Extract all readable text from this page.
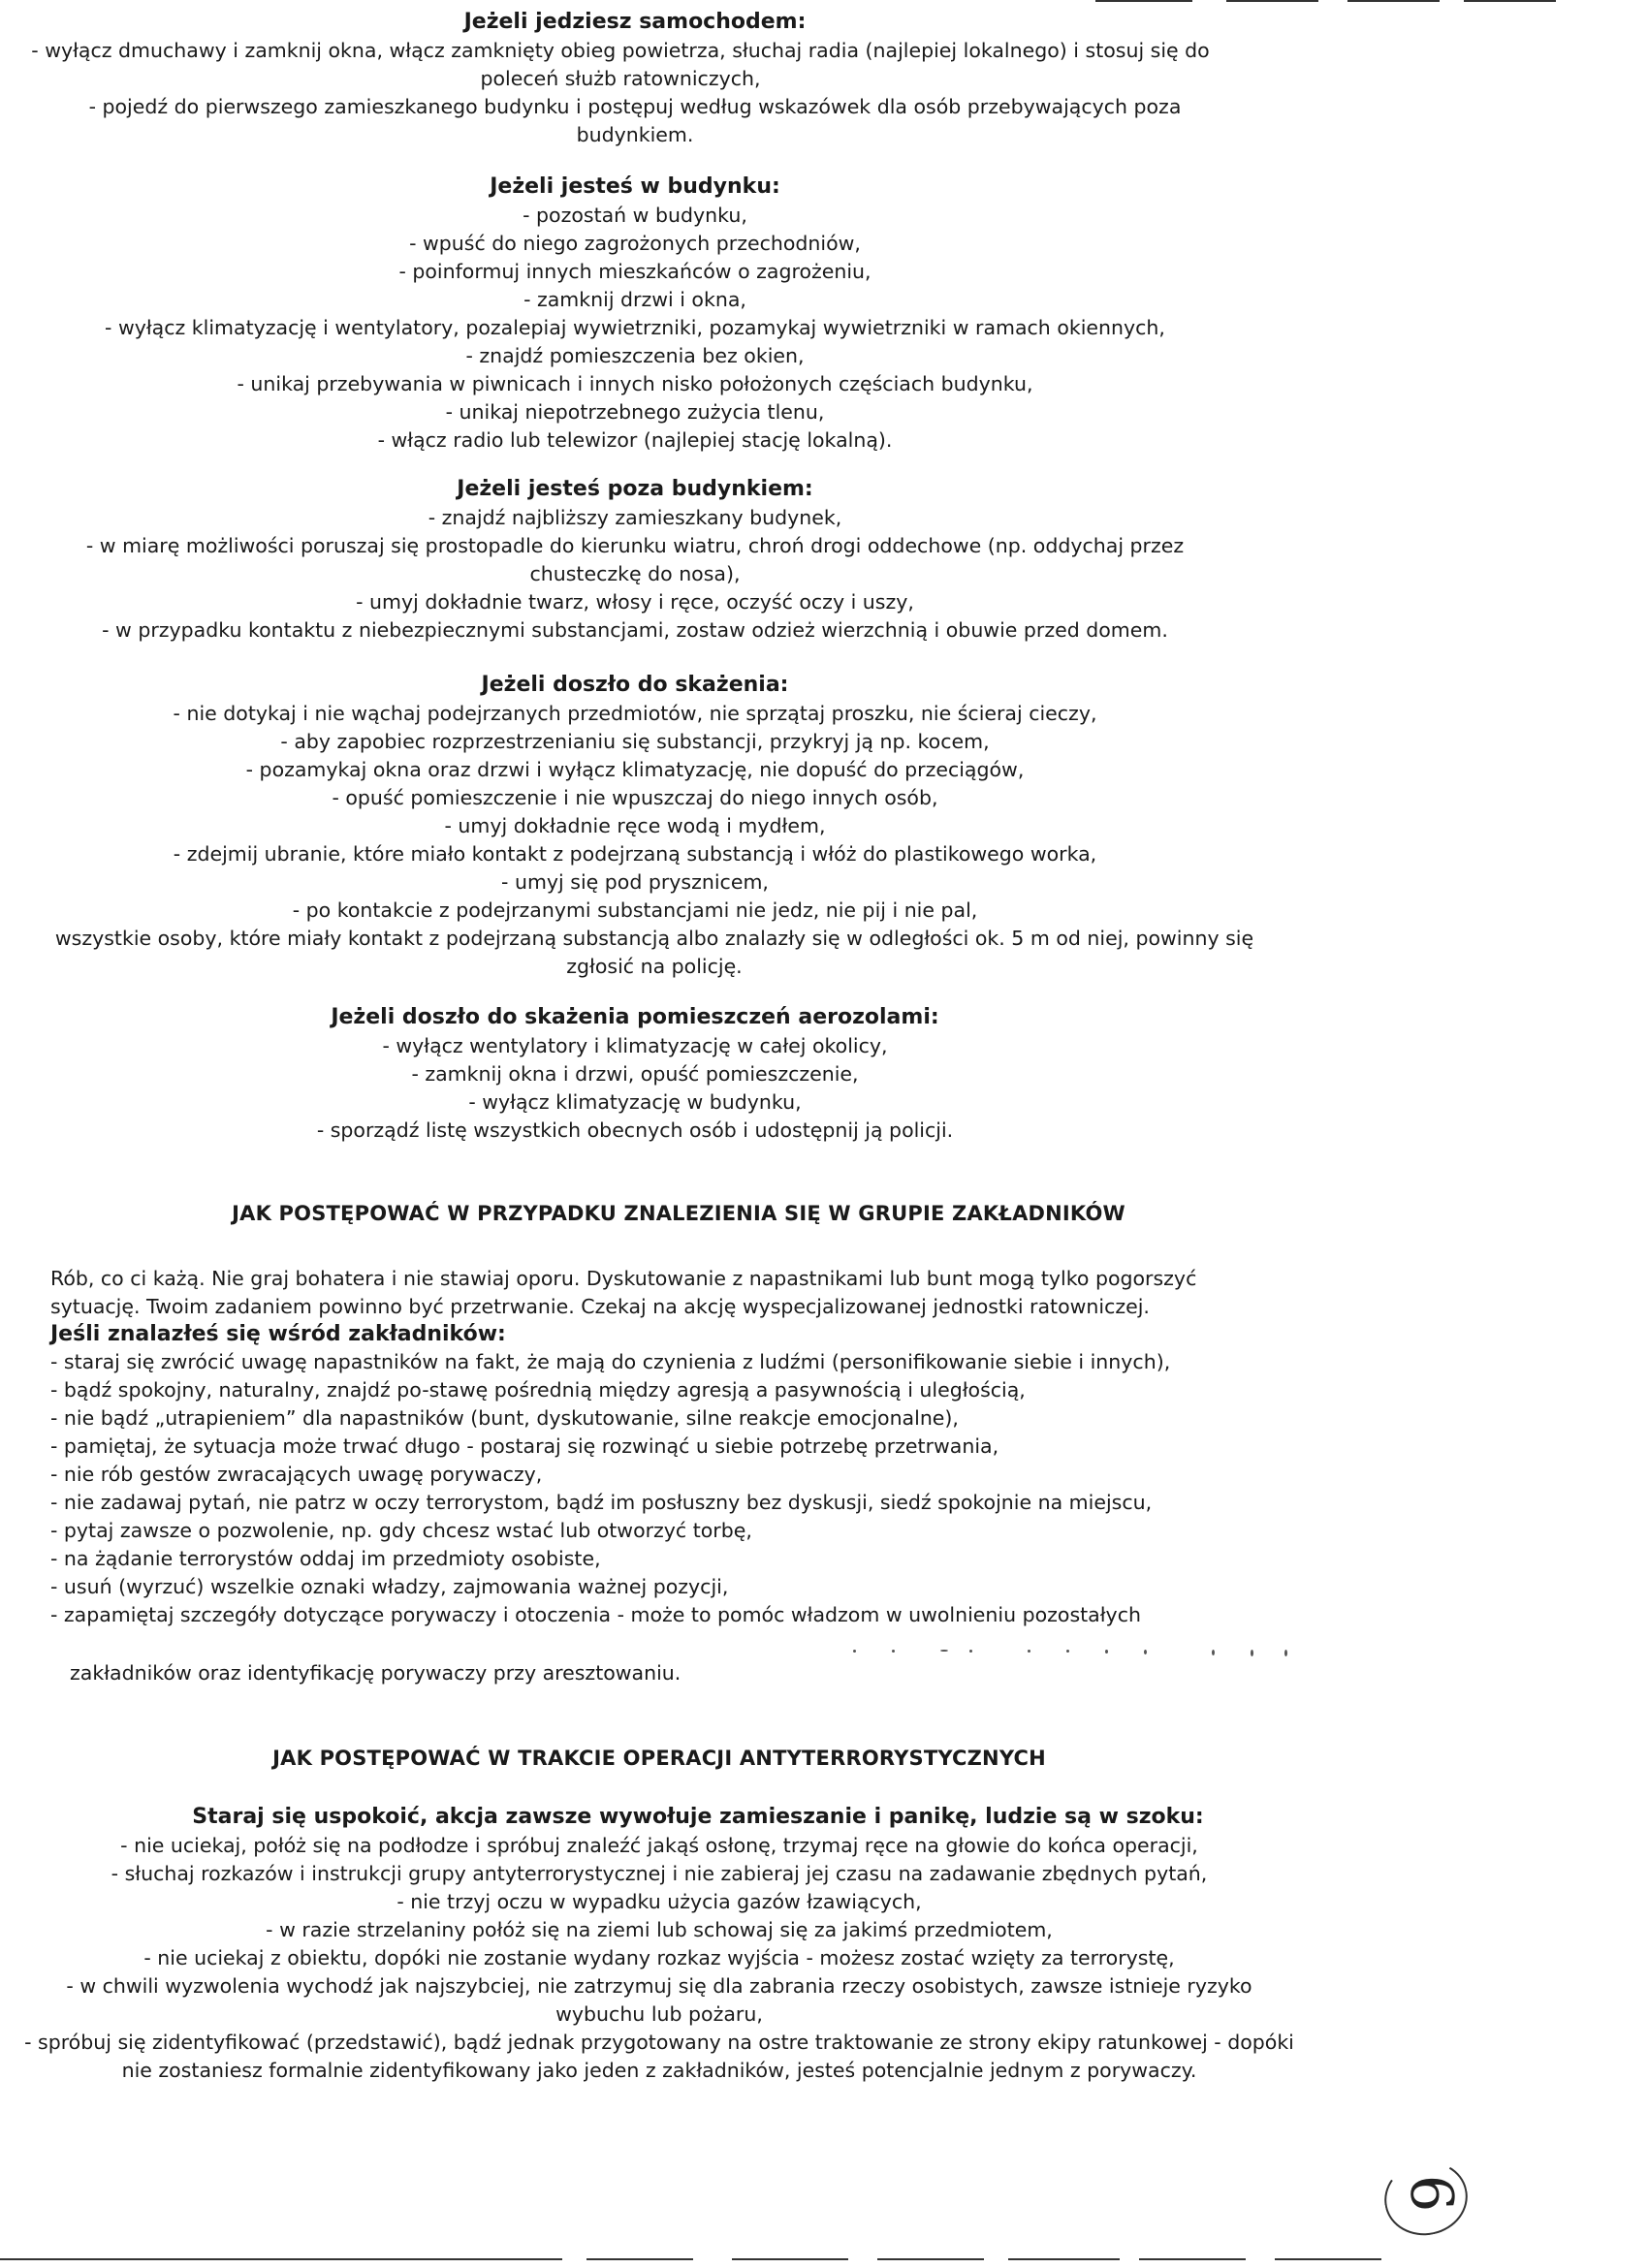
Jeżeli jedziesz samochodem:
- wyłącz dmuchawy i zamknij okna, włącz zamknięty obieg powietrza, słuchaj radia (najlepiej lokalnego) i stosuj się do poleceń służb ratowniczych,
- pojedź do pierwszego zamieszkanego budynku i postępuj według wskazówek dla osób przebywających poza budynkiem.
Jeżeli jesteś w budynku:
- pozostań w budynku,
- wpuść do niego zagrożonych przechodniów,
- poinformuj innych mieszkańców o zagrożeniu,
- zamknij drzwi i okna,
- wyłącz klimatyzację i wentylatory, pozalepiaj wywietrzniki, pozamykaj wywietrzniki w ramach okiennych,
- znajdź pomieszczenia bez okien,
- unikaj przebywania w piwnicach i innych nisko położonych częściach budynku,
- unikaj niepotrzebnego zużycia tlenu,
- włącz radio lub telewizor (najlepiej stację lokalną).
Jeżeli jesteś poza budynkiem:
- znajdź najbliższy zamieszkany budynek,
- w miarę możliwości poruszaj się prostopadle do kierunku wiatru, chroń drogi oddechowe (np. oddychaj przez chusteczkę do nosa),
- umyj dokładnie twarz, włosy i ręce, oczyść oczy i uszy,
- w przypadku kontaktu z niebezpiecznymi substancjami, zostaw odzież wierzchnią i obuwie przed domem.
Jeżeli doszło do skażenia:
- nie dotykaj i nie wąchaj podejrzanych przedmiotów, nie sprzątaj proszku, nie ścieraj cieczy,
- aby zapobiec rozprzestrzenianiu się substancji, przykryj ją np. kocem,
- pozamykaj okna oraz drzwi i wyłącz klimatyzację, nie dopuść do przeciągów,
- opuść pomieszczenie i nie wpuszczaj do niego innych osób,
- umyj dokładnie ręce wodą i mydłem,
- zdejmij ubranie, które miało kontakt z podejrzaną substancją i włóż do plastikowego worka,
- umyj się pod prysznicem,
- po kontakcie z podejrzanymi substancjami nie jedz, nie pij i nie pal,
wszystkie osoby, które miały kontakt z podejrzaną substancją albo znalazły się w odległości ok. 5 m od niej, powinny się zgłosić na policję.
Jeżeli doszło do skażenia pomieszczeń aerozolami:
- wyłącz wentylatory i klimatyzację w całej okolicy,
- zamknij okna i drzwi, opuść pomieszczenie,
- wyłącz klimatyzację w budynku,
- sporządź listę wszystkich obecnych osób i udostępnij ją policji.
JAK POSTĘPOWAĆ W PRZYPADKU ZNALEZIENIA SIĘ W GRUPIE ZAKŁADNIKÓW
Rób, co ci każą. Nie graj bohatera i nie stawiaj oporu. Dyskutowanie z napastnikami lub bunt mogą tylko pogorszyć
sytuację. Twoim zadaniem powinno być przetrwanie. Czekaj na akcję wyspecjalizowanej jednostki ratowniczej.
Jeśli znalazłeś się wśród zakładników:
- staraj się zwrócić uwagę napastników na fakt, że mają do czynienia z ludźmi (personifikowanie siebie i innych),
- bądź spokojny, naturalny, znajdź po-stawę pośrednią między agresją a pasywnością i uległością,
- nie bądź „utrapieniem” dla napastników (bunt, dyskutowanie, silne reakcje emocjonalne),
- pamiętaj, że sytuacja może trwać długo - postaraj się rozwinąć u siebie potrzebę przetrwania,
- nie rób gestów zwracających uwagę porywaczy,
- nie zadawaj pytań, nie patrz w oczy terrorystom, bądź im posłuszny bez dyskusji, siedź spokojnie na miejscu,
- pytaj zawsze o pozwolenie, np. gdy chcesz wstać lub otworzyć torbę,
- na żądanie terrorystów oddaj im przedmioty osobiste,
- usuń (wyrzuć) wszelkie oznaki władzy, zajmowania ważnej pozycji,
- zapamiętaj szczegóły dotyczące porywaczy i otoczenia - może to pomóc władzom w uwolnieniu pozostałych
zakładników oraz identyfikację porywaczy przy aresztowaniu.
JAK POSTĘPOWAĆ W TRAKCIE OPERACJI ANTYTERRORYSTYCZNYCH
Staraj się uspokoić, akcja zawsze wywołuje zamieszanie i panikę, ludzie są w szoku:
- nie uciekaj, połóż się na podłodze i spróbuj znaleźć jakąś osłonę, trzymaj ręce na głowie do końca operacji,
- słuchaj rozkazów i instrukcji grupy antyterrorystycznej i nie zabieraj jej czasu na zadawanie zbędnych pytań,
- nie trzyj oczu w wypadku użycia gazów łzawiących,
- w razie strzelaniny połóż się na ziemi lub schowaj się za jakimś przedmiotem,
- nie uciekaj z obiektu, dopóki nie zostanie wydany rozkaz wyjścia - możesz zostać wzięty za terrorystę,
- w chwili wyzwolenia wychodź jak najszybciej, nie zatrzymuj się dla zabrania rzeczy osobistych, zawsze istnieje ryzyko wybuchu lub pożaru,
- spróbuj się zidentyfikować (przedstawić), bądź jednak przygotowany na ostre traktowanie ze strony ekipy ratunkowej - dopóki nie zostaniesz formalnie zidentyfikowany jako jeden z zakładników, jesteś potencjalnie jednym z porywaczy.
6
